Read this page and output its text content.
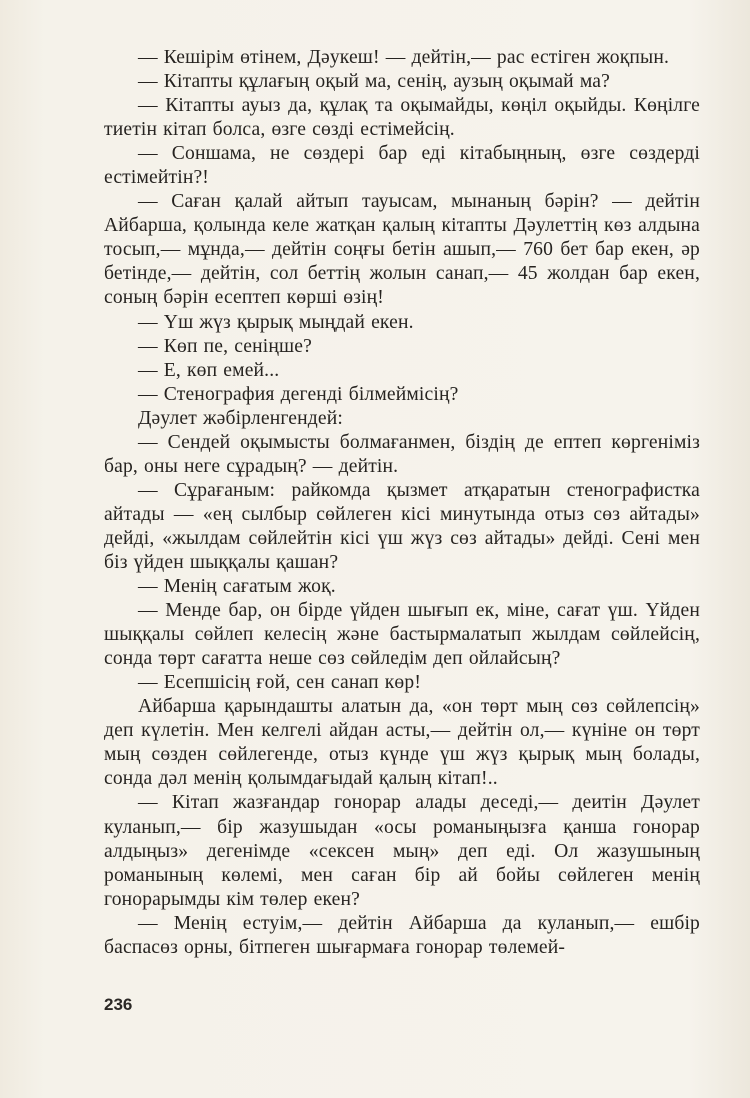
— Кешірім өтінем, Дәукеш! — дейтін,— рас естіген жоқпын.

— Кітапты құлағың оқый ма, сенің, аузың оқымай ма?

— Кітапты ауыз да, құлақ та оқымайды, көңіл оқыйды. Көңілге тиетін кітап болса, өзге сөзді естімейсің.

— Соншама, не сөздері бар еді кітабыңның, өзге сөздерді естімейтін?!

— Саған қалай айтып тауысам, мынаның бәрін? — дейтін Айбарша, қолында келе жатқан қалың кітапты Дәулеттің көз алдына тосып,— мұнда,— дейтін соңғы бетін ашып,— 760 бет бар екен, әр бетінде,— дейтін, сол беттің жолын санап,— 45 жолдан бар екен, соның бәрін есептеп көрші өзің!

— Үш жүз қырық мыңдай екен.

— Көп пе, сеніңше?

— Е, көп емей...

— Стенография дегенді білмеймісің?

Дәулет жәбірленгендей:

— Сендей оқымысты болмағанмен, біздің де ептеп көргеніміз бар, оны неге сұрадың? — дейтін.

— Сұрағаным: райкомда қызмет атқаратын стенографистка айтады — «ең сылбыр сөйлеген кісі минутында отыз сөз айтады» дейді, «жылдам сөйлейтін кісі үш жүз сөз айтады» дейді. Сені мен біз үйден шыққалы қашан?

— Менің сағатым жоқ.

— Менде бар, он бірде үйден шығып ек, міне, сағат үш. Үйден шыққалы сөйлеп келесің және бастырмалатып жылдам сөйлейсің, сонда төрт сағатта неше сөз сөйледім деп ойлайсың?

— Есепшісің ғой, сен санап көр!

Айбарша қарындашты алатын да, «он төрт мың сөз сөйлепсің» деп күлетін. Мен келгелі айдан асты,— дейтін ол,— күніне он төрт мың сөзден сөйлегенде, отыз күнде үш жүз қырық мың болады, сонда дәл менің қолымдағыдай қалың кітап!..

— Кітап жазғандар гонорар алады деседі,— деитін Дәулет куланып,— бір жазушыдан «осы романыңызға қанша гонорар алдыңыз» дегенімде «сексен мың» деп еді. Ол жазушының романының көлемі, мен саған бір ай бойы сөйлеген менің гонорарымды кім төлер екен?

— Менің естуім,— дейтін Айбарша да куланып,— ешбір баспасөз орны, бітпеген шығармаға гонорар төлемей-

236
